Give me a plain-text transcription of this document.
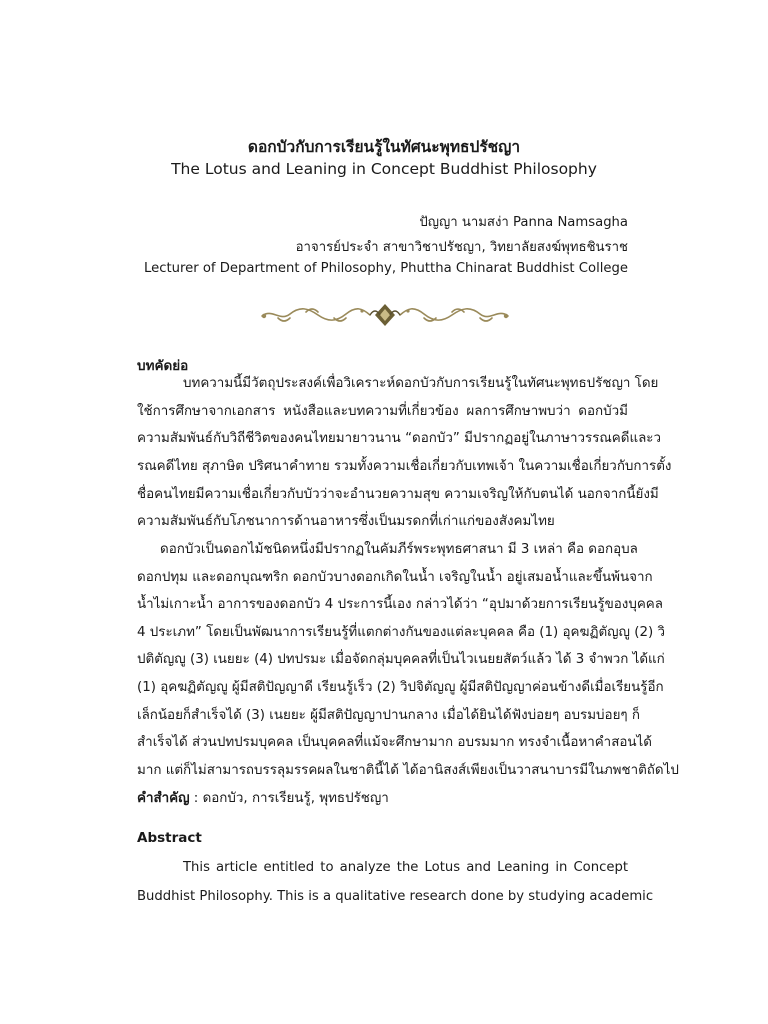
ดอกบัวกับการเรียนรู้ในทัศนะพุทธปรัชญา
The Lotus and Leaning in Concept Buddhist Philosophy
ปัญญา นามสง่า Panna Namsagha
อาจารย์ประจำ สาขาวิชาปรัชญา, วิทยาลัยสงฆ์พุทธชินราช
Lecturer of Department of Philosophy, Phuttha Chinarat Buddhist College
บทคัดย่อ
บทความนี้มีวัตถุประสงค์เพื่อวิเคราะห์ดอกบัวกับการเรียนรู้ในทัศนะพุทธปรัชญา โดย
ใช้การศึกษาจากเอกสาร หนังสือและบทความที่เกี่ยวข้อง ผลการศึกษาพบว่า ดอกบัวมี
ความสัมพันธ์กับวิถีชีวิตของคนไทยมายาวนาน “ดอกบัว” มีปรากฏอยู่ในภาษาวรรณคดีและว
รณคดีไทย สุภาษิต ปริศนาคำทาย รวมทั้งความเชื่อเกี่ยวกับเทพเจ้า ในความเชื่อเกี่ยวกับการตั้ง
ชื่อคนไทยมีความเชื่อเกี่ยวกับบัวว่าจะอำนวยความสุข ความเจริญให้กับตนได้ นอกจากนี้ยังมี
ความสัมพันธ์กับโภชนาการด้านอาหารซึ่งเป็นมรดกที่เก่าแก่ของสังคมไทย
ดอกบัวเป็นดอกไม้ชนิดหนึ่งมีปรากฏในคัมภีร์พระพุทธศาสนา มี 3 เหล่า คือ ดอกอุบล
ดอกปทุม และดอกบุณฑริก ดอกบัวบางดอกเกิดในน้ำ เจริญในน้ำ อยู่เสมอน้ำและขึ้นพ้นจาก
น้ำไม่เกาะน้ำ อาการของดอกบัว 4 ประการนี้เอง กล่าวได้ว่า “อุปมาด้วยการเรียนรู้ของบุคคล
4 ประเภท” โดยเป็นพัฒนาการเรียนรู้ที่แตกต่างกันของแต่ละบุคคล คือ (1) อุคฆฏิตัญญู (2) วิ
ปติตัญญู (3) เนยยะ (4) ปทปรมะ เมื่อจัดกลุ่มบุคคลที่เป็นไวเนยยสัตว์แล้ว ได้ 3 จำพวก ได้แก่
(1) อุคฆฏิตัญญู ผู้มีสติปัญญาดี เรียนรู้เร็ว (2) วิปจิตัญญู ผู้มีสติปัญญาค่อนข้างดีเมื่อเรียนรู้อีก
เล็กน้อยก็สำเร็จได้ (3) เนยยะ ผู้มีสติปัญญาปานกลาง เมื่อได้ยินได้ฟังบ่อยๆ อบรมบ่อยๆ ก็
สำเร็จได้ ส่วนปทปรมบุคคล เป็นบุคคลที่แม้จะศึกษามาก อบรมมาก ทรงจำเนื้อหาคำสอนได้
มาก แต่ก็ไม่สามารถบรรลุมรรคผลในชาตินี้ได้ ได้อานิสงส์เพียงเป็นวาสนาบารมีในภพชาติถัดไป
คำสำคัญ : ดอกบัว, การเรียนรู้, พุทธปรัชญา
Abstract
This article entitled to analyze the Lotus and Leaning in Concept
Buddhist Philosophy. This is a qualitative research done by studying academic
